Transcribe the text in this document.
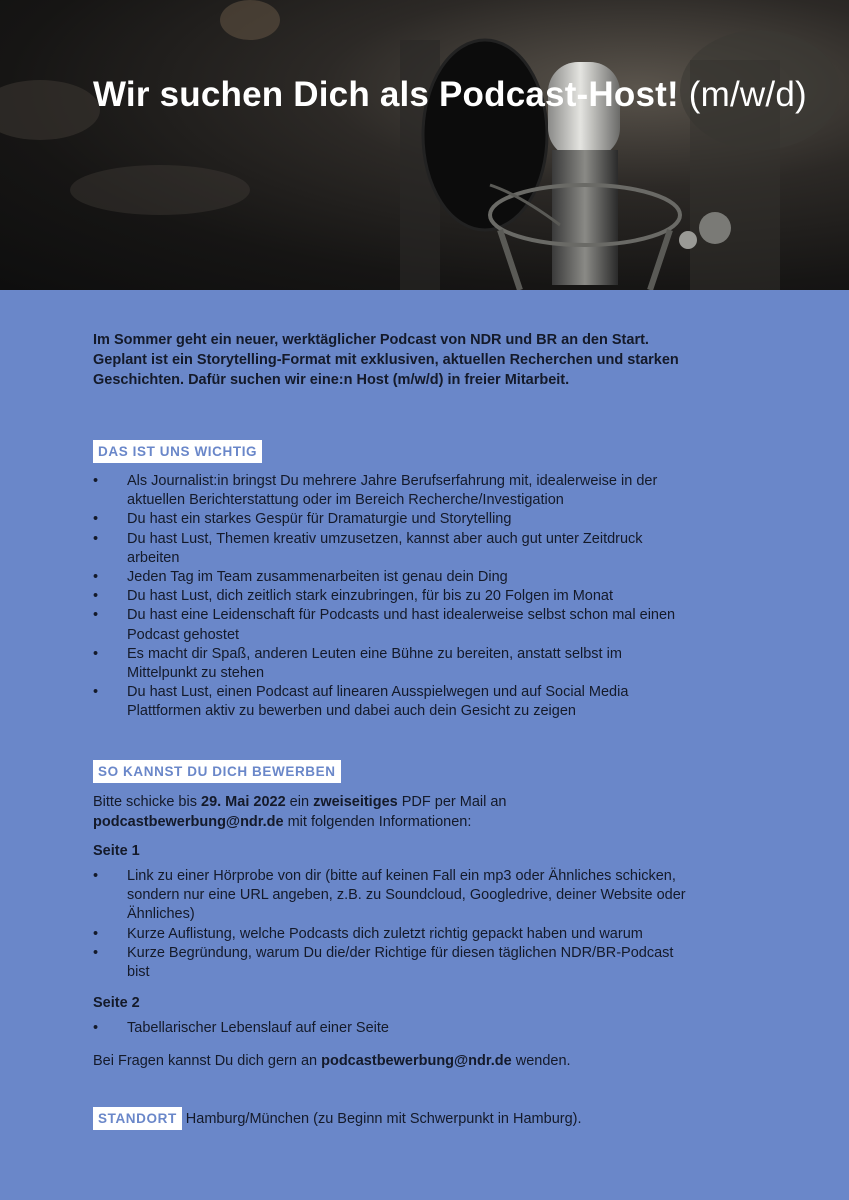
Wir suchen Dich als Podcast-Host! (m/w/d)

Im Sommer geht ein neuer, werktäglicher Podcast von NDR und BR an den Start. Geplant ist ein Storytelling-Format mit exklusiven, aktuellen Recherchen und starken Geschichten. Dafür suchen wir eine:n Host (m/w/d) in freier Mitarbeit.

DAS IST UNS WICHTIG
• Als Journalist:in bringst Du mehrere Jahre Berufserfahrung mit, idealerweise in der aktuellen Berichterstattung oder im Bereich Recherche/Investigation
• Du hast ein starkes Gespür für Dramaturgie und Storytelling
• Du hast Lust, Themen kreativ umzusetzen, kannst aber auch gut unter Zeitdruck arbeiten
• Jeden Tag im Team zusammenarbeiten ist genau dein Ding
• Du hast Lust, dich zeitlich stark einzubringen, für bis zu 20 Folgen im Monat
• Du hast eine Leidenschaft für Podcasts und hast idealerweise selbst schon mal einen Podcast gehostet
• Es macht dir Spaß, anderen Leuten eine Bühne zu bereiten, anstatt selbst im Mittelpunkt zu stehen
• Du hast Lust, einen Podcast auf linearen Ausspielwegen und auf Social Media Plattformen aktiv zu bewerben und dabei auch dein Gesicht zu zeigen
SO KANNST DU DICH BEWERBEN

Bitte schicke bis 29. Mai 2022 ein zweiseitiges PDF per Mail an
podcastbewerbung@ndr.de mit folgenden Informationen:

Seite 1

• Link zu einer Hörprobe von dir (bitte auf keinen Fall ein mp3 oder Ähnliches schicken, sondern nur eine URL angeben, z.B. zu Soundcloud, Googledrive, deiner Website oder Ähnliches)
• Kurze Auflistung, welche Podcasts dich zuletzt richtig gepackt haben und warum
• Kurze Begründung, warum Du die/der Richtige für diesen täglichen NDR/BR-Podcast bist

Seite 2

• Tabellarischer Lebenslauf auf einer Seite

Bei Fragen kannst Du dich gern an podcastbewerbung@ndr.de wenden.

STANDORT Hamburg/München (zu Beginn mit Schwerpunkt in Hamburg).
